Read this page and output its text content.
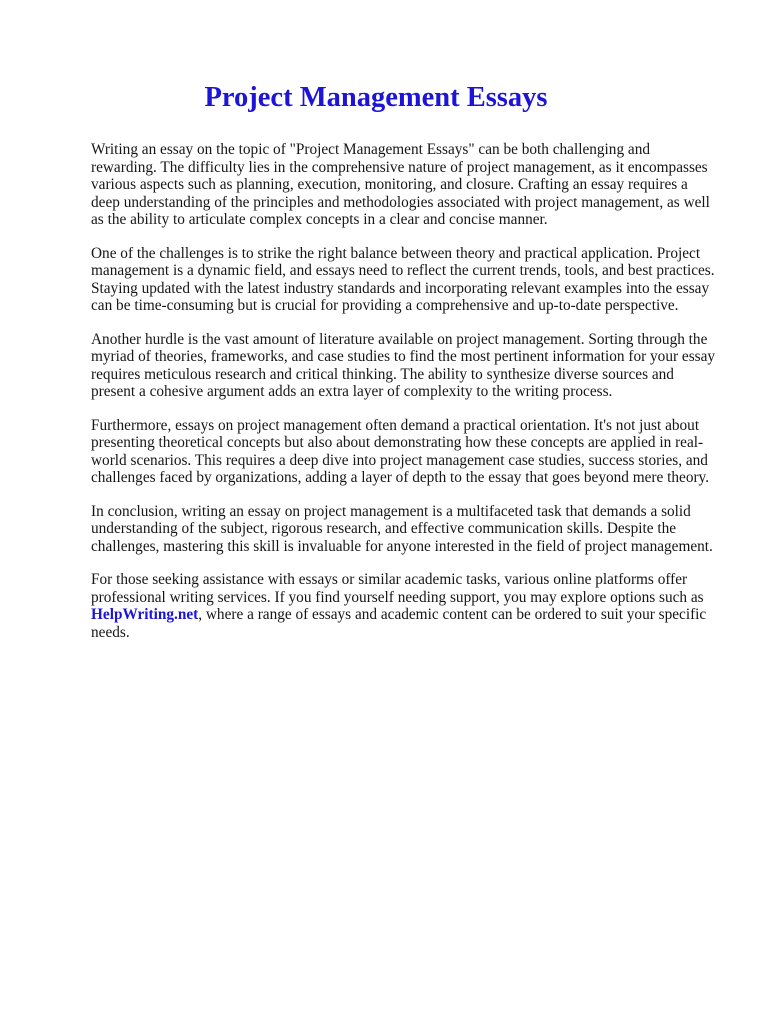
Project Management Essays

Writing an essay on the topic of "Project Management Essays" can be both challenging and rewarding. The difficulty lies in the comprehensive nature of project management, as it encompasses various aspects such as planning, execution, monitoring, and closure. Crafting an essay requires a deep understanding of the principles and methodologies associated with project management, as well as the ability to articulate complex concepts in a clear and concise manner.

One of the challenges is to strike the right balance between theory and practical application. Project management is a dynamic field, and essays need to reflect the current trends, tools, and best practices. Staying updated with the latest industry standards and incorporating relevant examples into the essay can be time-consuming but is crucial for providing a comprehensive and up-to-date perspective.

Another hurdle is the vast amount of literature available on project management. Sorting through the myriad of theories, frameworks, and case studies to find the most pertinent information for your essay requires meticulous research and critical thinking. The ability to synthesize diverse sources and present a cohesive argument adds an extra layer of complexity to the writing process.

Furthermore, essays on project management often demand a practical orientation. It's not just about presenting theoretical concepts but also about demonstrating how these concepts are applied in real-world scenarios. This requires a deep dive into project management case studies, success stories, and challenges faced by organizations, adding a layer of depth to the essay that goes beyond mere theory.

In conclusion, writing an essay on project management is a multifaceted task that demands a solid understanding of the subject, rigorous research, and effective communication skills. Despite the challenges, mastering this skill is invaluable for anyone interested in the field of project management.

For those seeking assistance with essays or similar academic tasks, various online platforms offer professional writing services. If you find yourself needing support, you may explore options such as HelpWriting.net, where a range of essays and academic content can be ordered to suit your specific needs.
